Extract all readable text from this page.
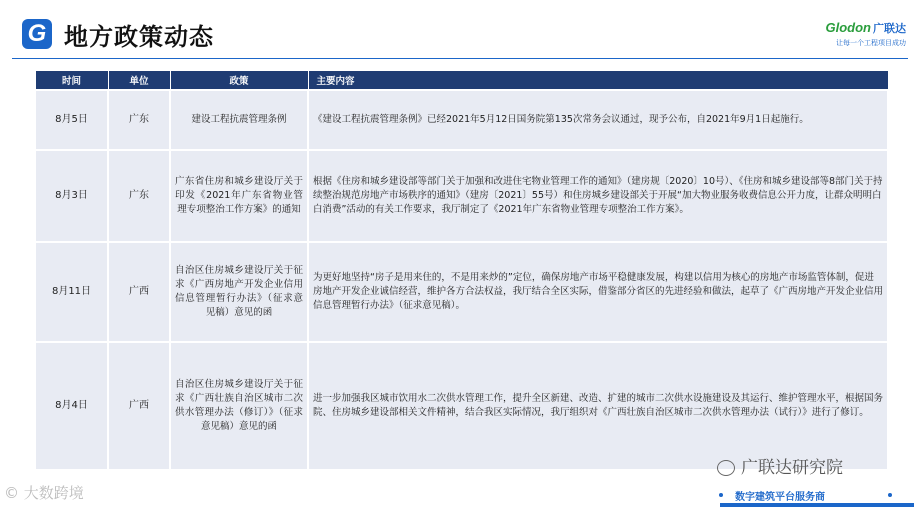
G 地方政策动态	Glodon 广联达
让每一个工程项目成功
时间	单位	政策	主要内容
8月5日	广东	建设工程抗震管理条例	《建设工程抗震管理条例》已经2021年5月12日国务院第135次常务会议通过，现予公布，自2021年9月1日起施行。
8月3日	广东	广东省住房和城乡建设厅关于印发《2021年广东省物业管理专项整治工作方案》的通知	根据《住房和城乡建设部等部门关于加强和改进住宅物业管理工作的通知》（建房规〔2020〕10号）、《住房和城乡建设部等8部门关于持续整治规范房地产市场秩序的通知》（建房〔2021〕55号）和住房城乡建设部关于开展“加大物业服务收费信息公开力度，让群众明明白白消费”活动的有关工作要求，我厅制定了《2021年广东省物业管理专项整治工作方案》。
8月11日	广西	自治区住房城乡建设厅关于征求《广西房地产开发企业信用信息管理暂行办法》（征求意见稿）意见的函	为更好地坚持“房子是用来住的，不是用来炒的”定位，确保房地产市场平稳健康发展，构建以信用为核心的房地产市场监管体制，促进房地产开发企业诚信经营，维护各方合法权益，我厅结合全区实际，借鉴部分省区的先进经验和做法，起草了《广西房地产开发企业信用信息管理暂行办法》（征求意见稿）。
8月4日	广西	自治区住房城乡建设厅关于征求《广西壮族自治区城市二次供水管理办法（修订）》（征求意见稿）意见的函	进一步加强我区城市饮用水二次供水管理工作，提升全区新建、改造、扩建的城市二次供水设施建设及其运行、维护管理水平，根据国务院、住房城乡建设部相关文件精神，结合我区实际情况，我厅组织对《广西壮族自治区城市二次供水管理办法（试行）》进行了修订。
© 大数跨境
广联达研究院
数字建筑平台服务商
